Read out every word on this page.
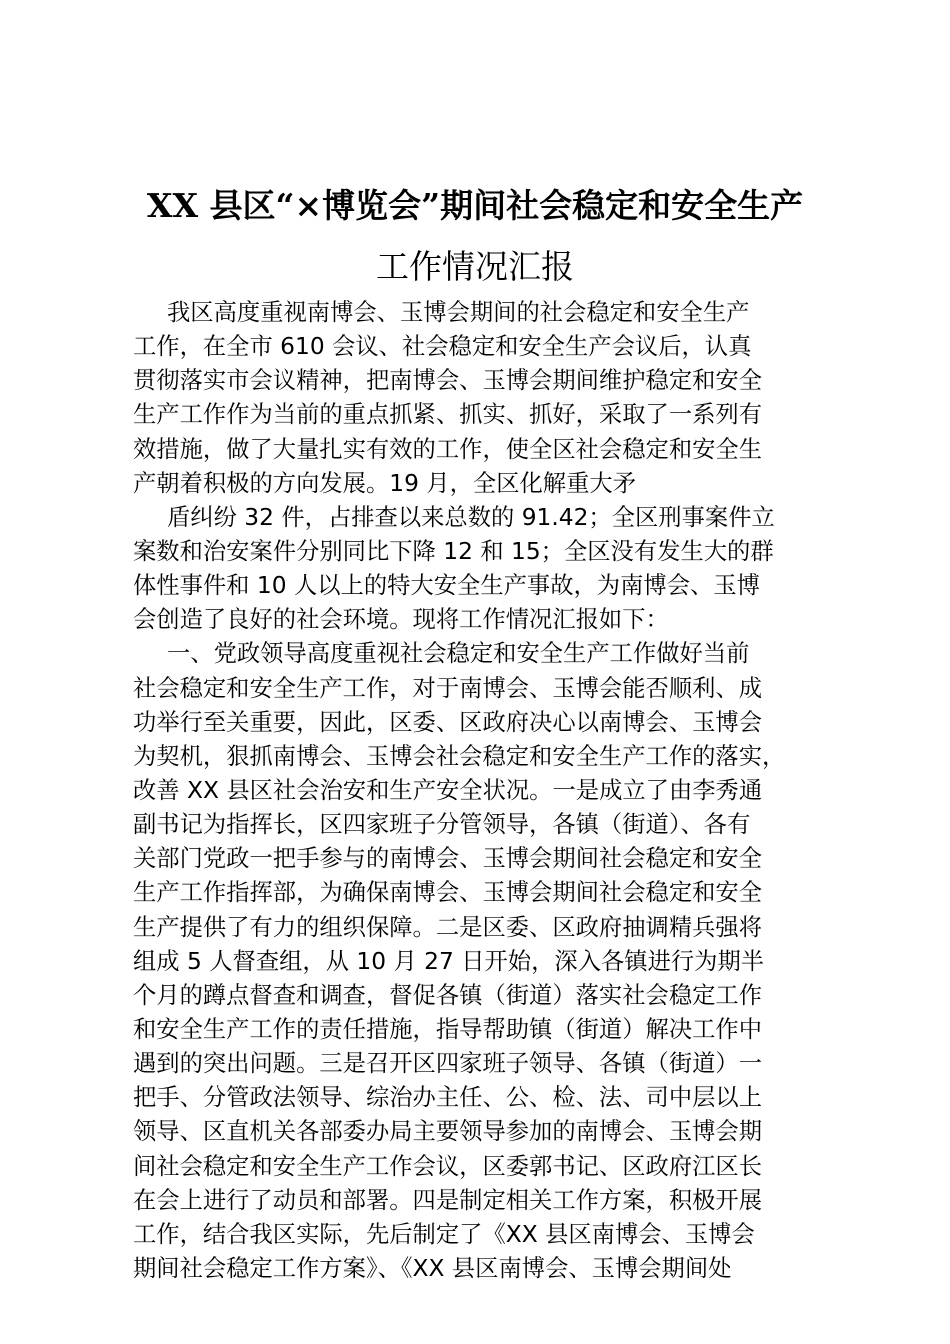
XX 县区“×博览会”期间社会稳定和安全生产
工作情况汇报
我区高度重视南博会、玉博会期间的社会稳定和安全生产
工作，在全市 610 会议、社会稳定和安全生产会议后，认真
贯彻落实市会议精神，把南博会、玉博会期间维护稳定和安全
生产工作作为当前的重点抓紧、抓实、抓好，采取了一系列有
效措施，做了大量扎实有效的工作，使全区社会稳定和安全生
产朝着积极的方向发展。19 月，全区化解重大矛
盾纠纷 32 件，占排查以来总数的 91.42；全区刑事案件立
案数和治安案件分别同比下降 12 和 15；全区没有发生大的群
体性事件和 10 人以上的特大安全生产事故，为南博会、玉博
会创造了良好的社会环境。现将工作情况汇报如下：
一、党政领导高度重视社会稳定和安全生产工作做好当前
社会稳定和安全生产工作，对于南博会、玉博会能否顺利、成
功举行至关重要，因此，区委、区政府决心以南博会、玉博会
为契机，狠抓南博会、玉博会社会稳定和安全生产工作的落实，
改善 XX 县区社会治安和生产安全状况。一是成立了由李秀通
副书记为指挥长，区四家班子分管领导，各镇（街道）、各有
关部门党政一把手参与的南博会、玉博会期间社会稳定和安全
生产工作指挥部，为确保南博会、玉博会期间社会稳定和安全
生产提供了有力的组织保障。二是区委、区政府抽调精兵强将
组成 5 人督查组，从 10 月 27 日开始，深入各镇进行为期半
个月的蹲点督查和调查，督促各镇（街道）落实社会稳定工作
和安全生产工作的责任措施，指导帮助镇（街道）解决工作中
遇到的突出问题。三是召开区四家班子领导、各镇（街道）一
把手、分管政法领导、综治办主任、公、检、法、司中层以上
领导、区直机关各部委办局主要领导参加的南博会、玉博会期
间社会稳定和安全生产工作会议，区委郭书记、区政府江区长
在会上进行了动员和部署。四是制定相关工作方案，积极开展
工作，结合我区实际，先后制定了《XX 县区南博会、玉博会
期间社会稳定工作方案》、《XX 县区南博会、玉博会期间处
